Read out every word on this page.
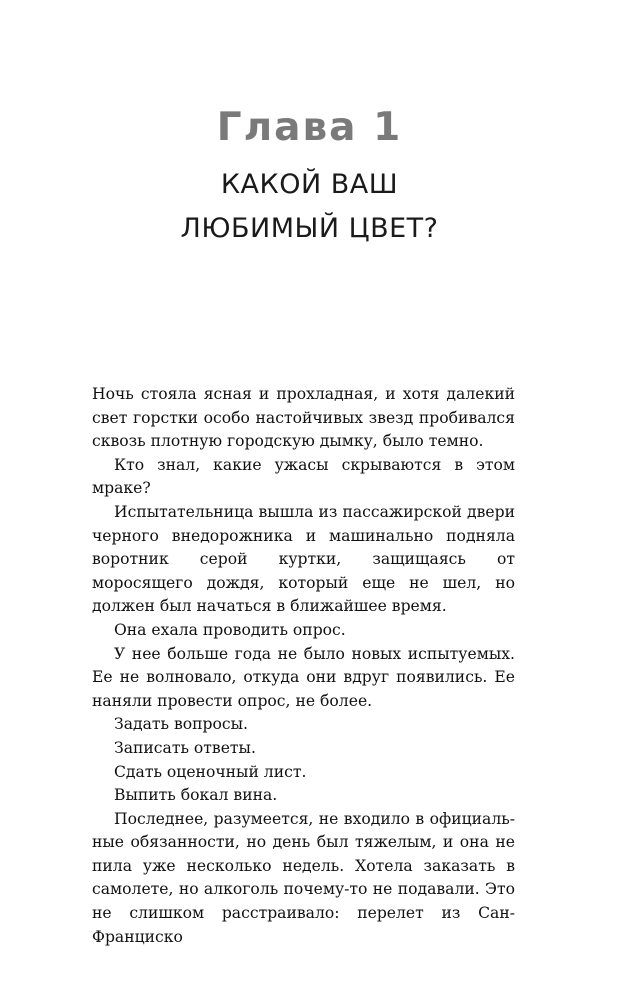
Глава 1
КАКОЙ ВАШ
ЛЮБИМЫЙ ЦВЕТ?

Ночь стояла ясная и прохладная, и хотя далекий свет горстки особо настойчивых звезд пробивался сквозь плотную городскую дымку, было темно.

Кто знал, какие ужасы скрываются в этом мраке?

Испытательница вышла из пассажирской двери черного внедорожника и машинально подняла воротник серой куртки, защищаясь от моросящего дождя, который еще не шел, но должен был начаться в ближайшее время.

Она ехала проводить опрос.

У нее больше года не было новых испытуемых. Ее не волновало, откуда они вдруг появились. Ее наняли провести опрос, не более.

Задать вопросы.

Записать ответы.

Сдать оценочный лист.

Выпить бокал вина.

Последнее, разумеется, не входило в официальные обязанности, но день был тяжелым, и она не пила уже несколько недель. Хотела заказать в самолете, но алкоголь почему-то не подавали. Это не слишком расстраивало: перелет из Сан-Франциско
